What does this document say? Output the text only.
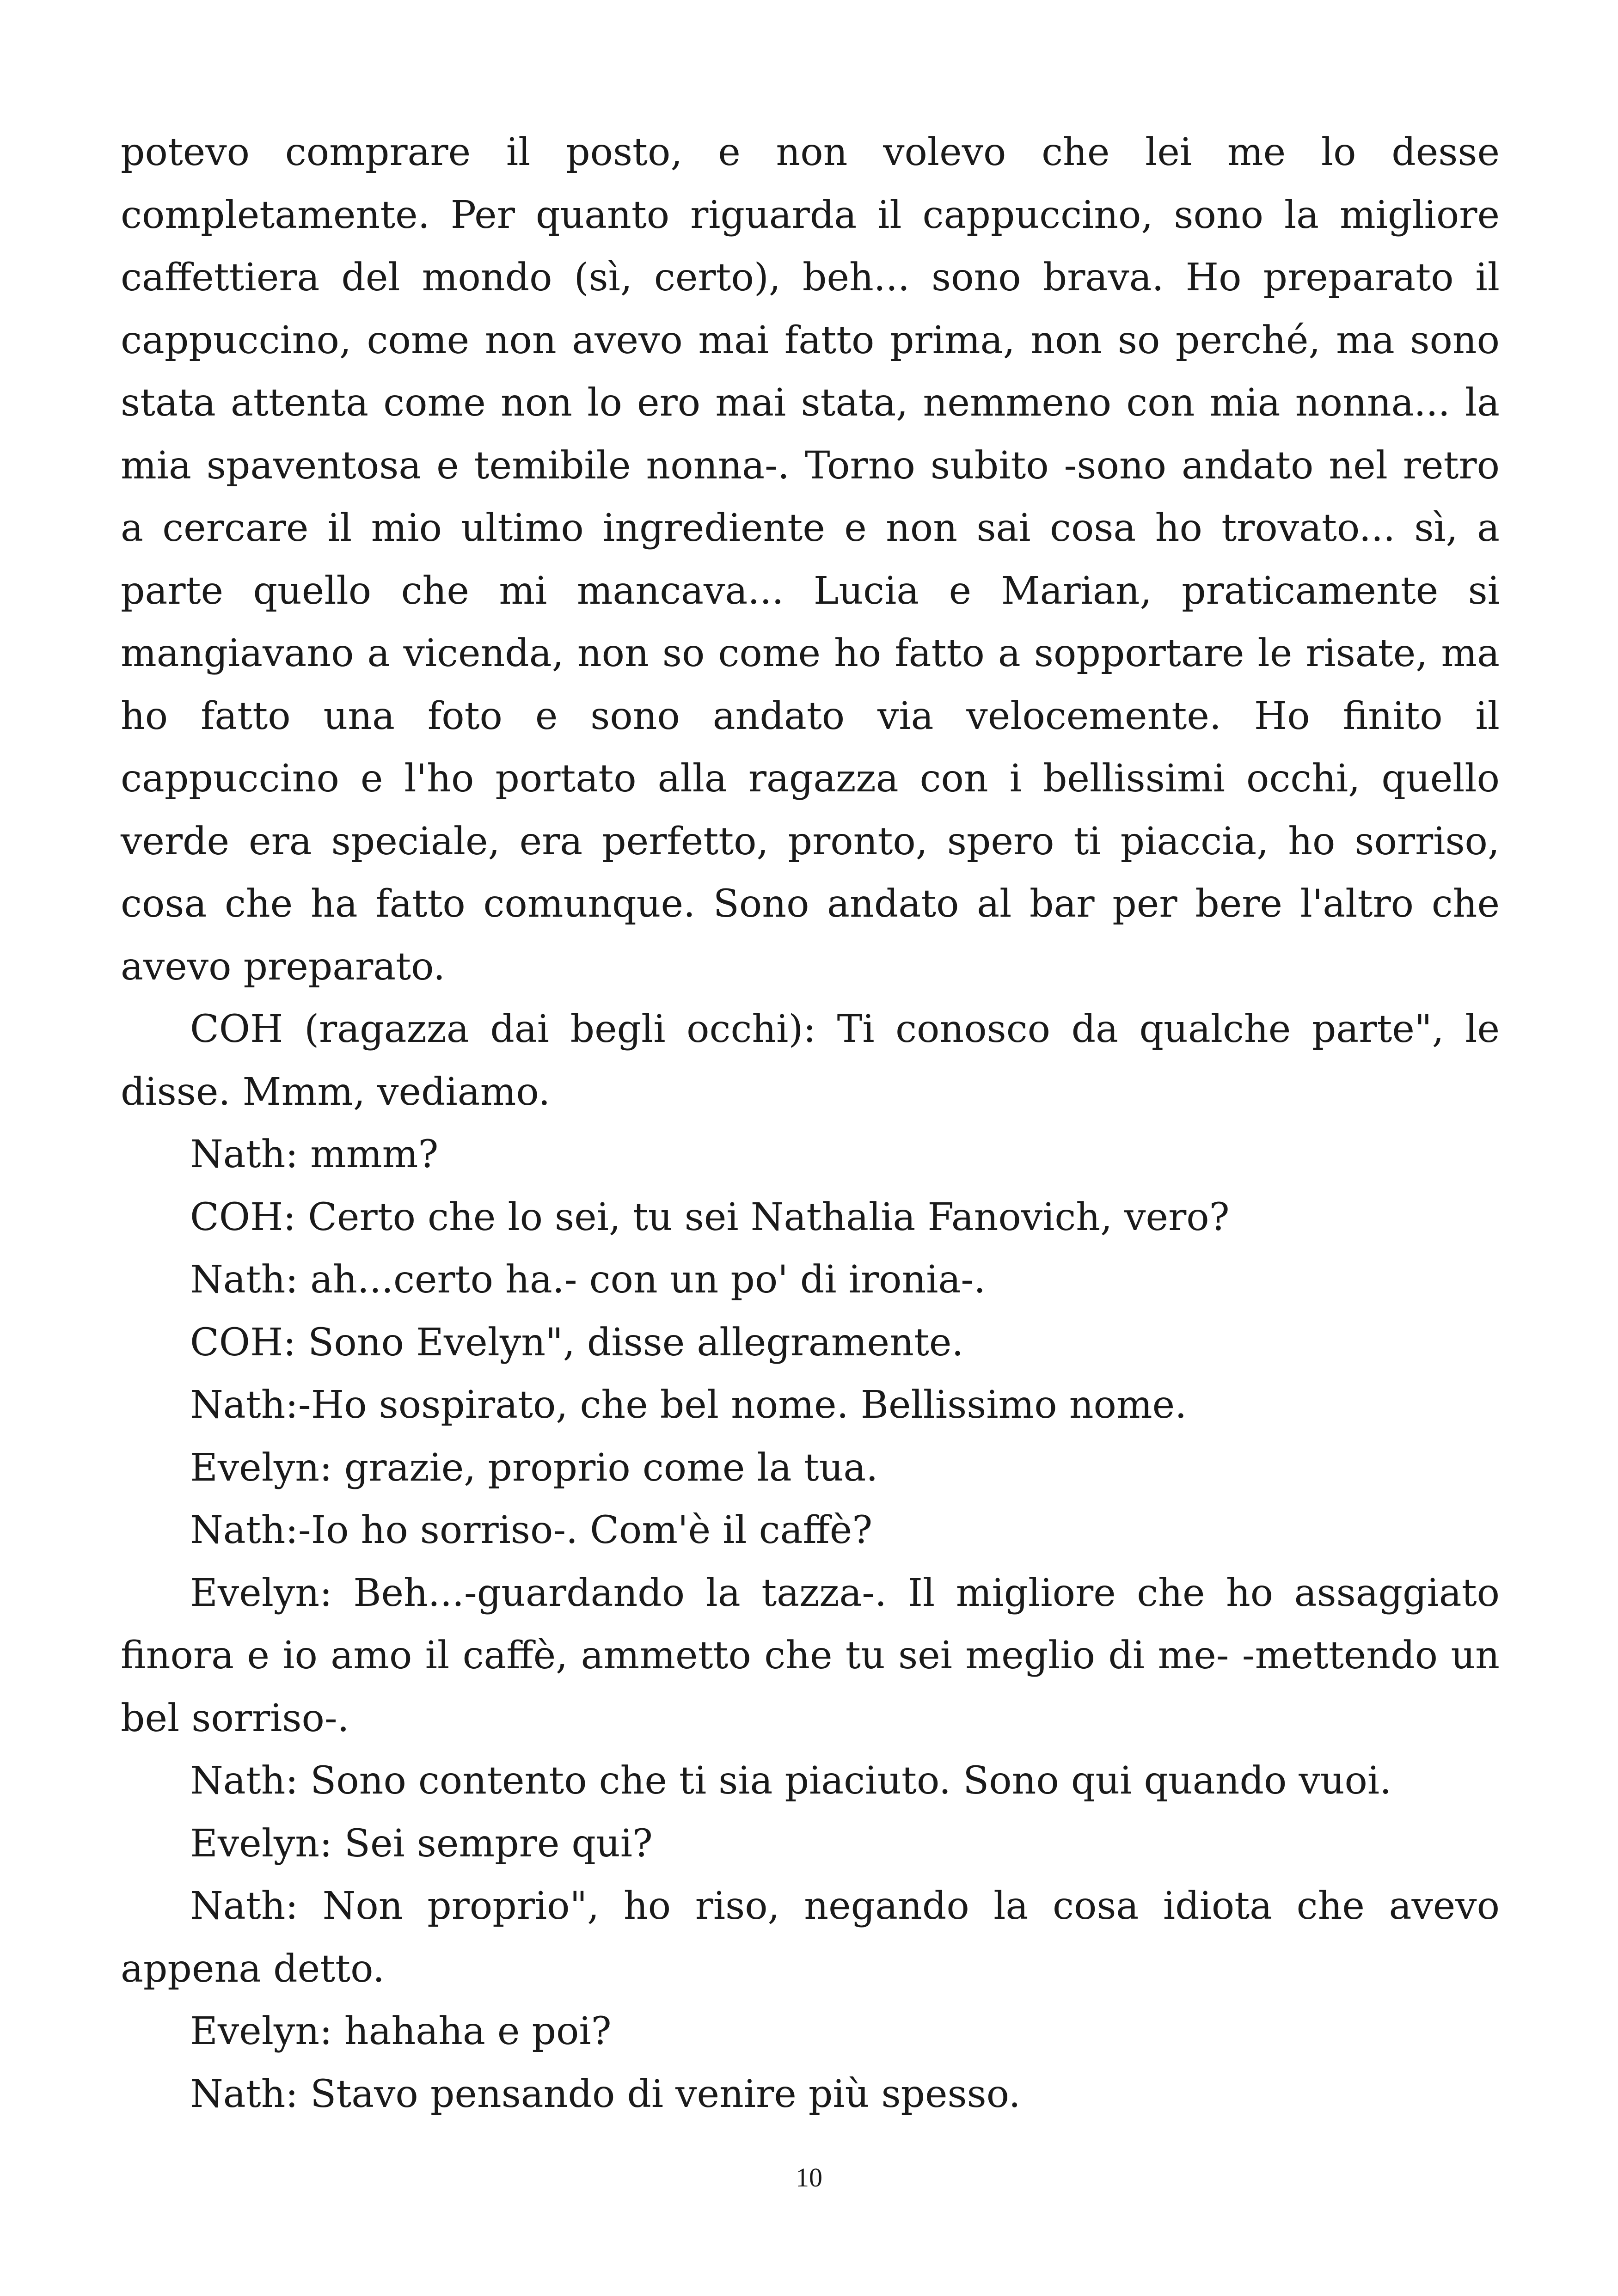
potevo comprare il posto, e non volevo che lei me lo desse completamente. Per quanto riguarda il cappuccino, sono la migliore caffettiera del mondo (sì, certo), beh... sono brava. Ho preparato il cappuccino, come non avevo mai fatto prima, non so perché, ma sono stata attenta come non lo ero mai stata, nemmeno con mia nonna... la mia spaventosa e temibile nonna-. Torno subito -sono andato nel retro a cercare il mio ultimo ingrediente e non sai cosa ho trovato... sì, a parte quello che mi mancava... Lucia e Marian, praticamente si mangiavano a vicenda, non so come ho fatto a sopportare le risate, ma ho fatto una foto e sono andato via velocemente. Ho finito il cappuccino e l'ho portato alla ragazza con i bellissimi occhi, quello verde era speciale, era perfetto, pronto, spero ti piaccia, ho sorriso, cosa che ha fatto comunque. Sono andato al bar per bere l'altro che avevo preparato.

COH (ragazza dai begli occhi): Ti conosco da qualche parte", le disse. Mmm, vediamo.

Nath: mmm?

COH: Certo che lo sei, tu sei Nathalia Fanovich, vero?

Nath: ah...certo ha.- con un po' di ironia-.

COH: Sono Evelyn", disse allegramente.

Nath:-Ho sospirato, che bel nome. Bellissimo nome.

Evelyn: grazie, proprio come la tua.

Nath:-Io ho sorriso-. Com'è il caffè?

Evelyn: Beh...-guardando la tazza-. Il migliore che ho assaggiato finora e io amo il caffè, ammetto che tu sei meglio di me- -mettendo un bel sorriso-.

Nath: Sono contento che ti sia piaciuto. Sono qui quando vuoi.

Evelyn: Sei sempre qui?

Nath: Non proprio", ho riso, negando la cosa idiota che avevo appena detto.

Evelyn: hahaha e poi?

Nath: Stavo pensando di venire più spesso.

10
